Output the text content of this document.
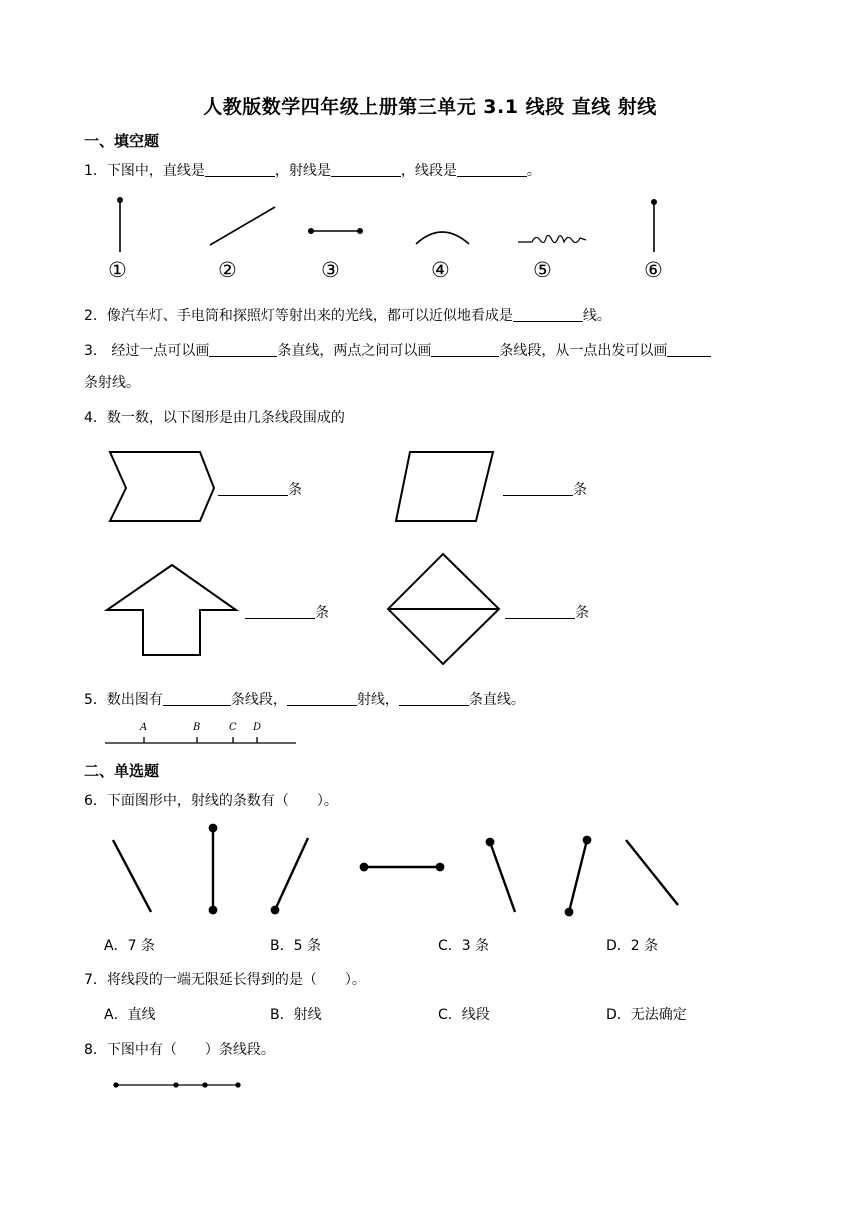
人教版数学四年级上册第三单元 3.1 线段 直线 射线
一、填空题
1．下图中，直线是	，射线是	，线段是	。
①	②	③	④	⑤	⑥
2．像汽车灯、手电筒和探照灯等射出来的光线，都可以近似地看成是	线。
3． 经过一点可以画	条直线，两点之间可以画	条线段，从一点出发可以画
条射线。
4．数一数，以下图形是由几条线段围成的
条	条
条	条
5．数出图有	条线段，	射线，	条直线。
A	B	C D
二、单选题
6．下面图形中，射线的条数有（　　）。
A．7 条	B．5 条	C．3 条	D．2 条
7．将线段的一端无限延长得到的是（　　）。
A．直线	B．射线	C．线段	D．无法确定
8．下图中有（　　）条线段。
